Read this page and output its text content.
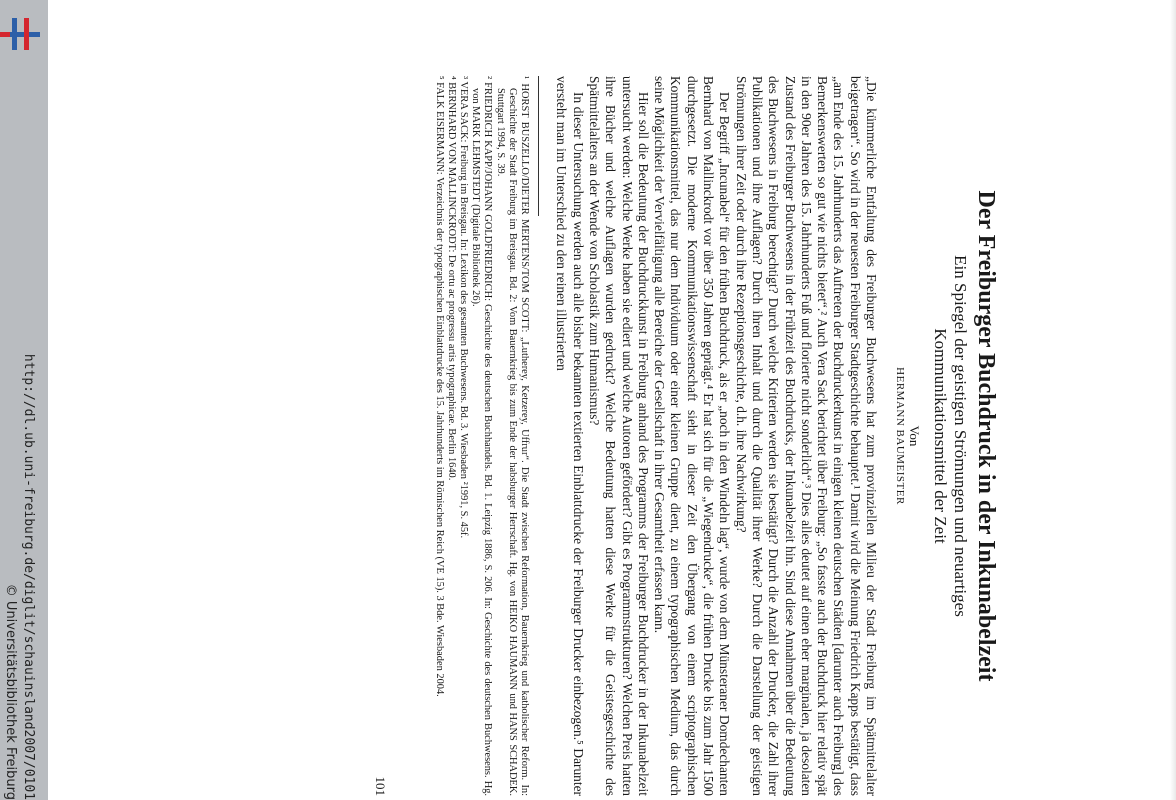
http://dl.ub.uni-freiburg.de/diglit/schauinsland2007/0101
© Universitätsbibliothek Freiburg
Der Freiburger Buchdruck in der Inkunabelzeit
Ein Spiegel der geistigen Strömungen und neuartiges
Kommunikationsmittel der Zeit
Von
HERMANN BAUMEISTER

„Die kümmerliche Entfaltung des Freiburger Buchwesens hat zum provinziellen Milieu der Stadt Freiburg im Spätmittelalter beigetragen“. So wird in der neuesten Freiburger Stadtgeschichte behauptet.¹ Damit wird die Meinung Friedrich Kapps bestätigt, dass „am Ende des 15. Jahrhunderts das Auftreten der Buchdruckerkunst in einigen kleinen deutschen Städten [darunter auch Freiburg] des Bemerkenswerten so gut wie nichts bietet“.² Auch Vera Sack berichtet über Freiburg: „So fasste auch der Buchdruck hier relativ spät in den 90er Jahren des 15. Jahrhunderts Fuß und florierte nicht sonderlich“.³ Dies alles deutet auf einen eher marginalen, ja desolaten Zustand des Freiburger Buchwesens in der Frühzeit des Buchdrucks, der Inkunabelzeit hin. Sind diese Annahmen über die Bedeutung des Buchwesens in Freiburg berechtigt? Durch welche Kriterien werden sie bestätigt? Durch die Anzahl der Drucker, die Zahl ihrer Publikationen und ihre Auflagen? Durch ihren Inhalt und durch die Qualität ihrer Werke? Durch die Darstellung der geistigen Strömungen ihrer Zeit oder durch ihre Rezeptionsgeschichte, d.h. ihre Nachwirkung?

Der Begriff „Incunabel“ für den frühen Buchdruck, als er „noch in den Windeln lag“, wurde von dem Münsteraner Domdechanten Bernhard von Mallinckrodt vor über 350 Jahren geprägt.⁴ Er hat sich für die „Wiegendrucke“, die frühen Drucke bis zum Jahr 1500 durchgesetzt. Die moderne Kommunikationswissenschaft sieht in dieser Zeit den Übergang von einem scriptographischen Kommunikationsmittel, das nur dem Individuum oder einer kleinen Gruppe dient, zu einem typographischen Medium, das durch seine Möglichkeit der Vervielfältigung alle Bereiche der Gesellschaft in ihrer Gesamtheit erfassen kann.

Hier soll die Bedeutung der Buchdruckkunst in Freiburg anhand des Programms der Freiburger Buchdrucker in der Inkunabelzeit untersucht werden: Welche Werke haben sie ediert und welche Autoren gefördert? Gibt es Programmstrukturen? Welchen Preis hatten ihre Bücher und welche Auflagen wurden gedruckt? Welche Bedeutung hatten diese Werke für die Geistesgeschichte des Spätmittelalters an der Wende von Scholastik zum Humanismus?

In dieser Untersuchung werden auch alle bisher bekannten textierten Einblattdrucke der Freiburger Drucker einbezogen.⁵ Darunter versteht man im Unterschied zu den reinen illustrierten

¹ HORST BUSZELLO/DIETER MERTENS/TOM SCOTT: „Lutherey, Ketzerey, Uffrur“. Die Stadt zwischen Reformation, Bauernkrieg und katholischer Reform. In: Geschichte der Stadt Freiburg im Breisgau. Bd. 2: Vom Bauernkrieg bis zum Ende der habsburger Herrschaft. Hg. von HEIKO HAUMANN und HANS SCHADEK. Stuttgart 1994, S. 39.

² FRIEDRICH KAPP/JOHANN GOLDFRIEDRICH: Geschichte des deutschen Buchhandels. Bd. 1. Leipzig 1886, S. 206. In: Geschichte des deutschen Buchwesens. Hg. von MARK LEHMSTEDT (Digitale Bibliothek 26).

³ VERA SACK: Freiburg im Breisgau. In: Lexikon des gesamten Buchwesens. Bd. 3. Wiesbaden ²1991, S. 45f.

⁴ BERNHARD VON MALLINCKRODT: De ortu ac progressu artis typographicae. Berlin 1640.

⁵ FALK EISERMANN: Verzeichnis der typographischen Einblattdrucke des 15. Jahrhunderts im Römischen Reich (VE 15). 3 Bde. Wiesbaden 2004.

101
